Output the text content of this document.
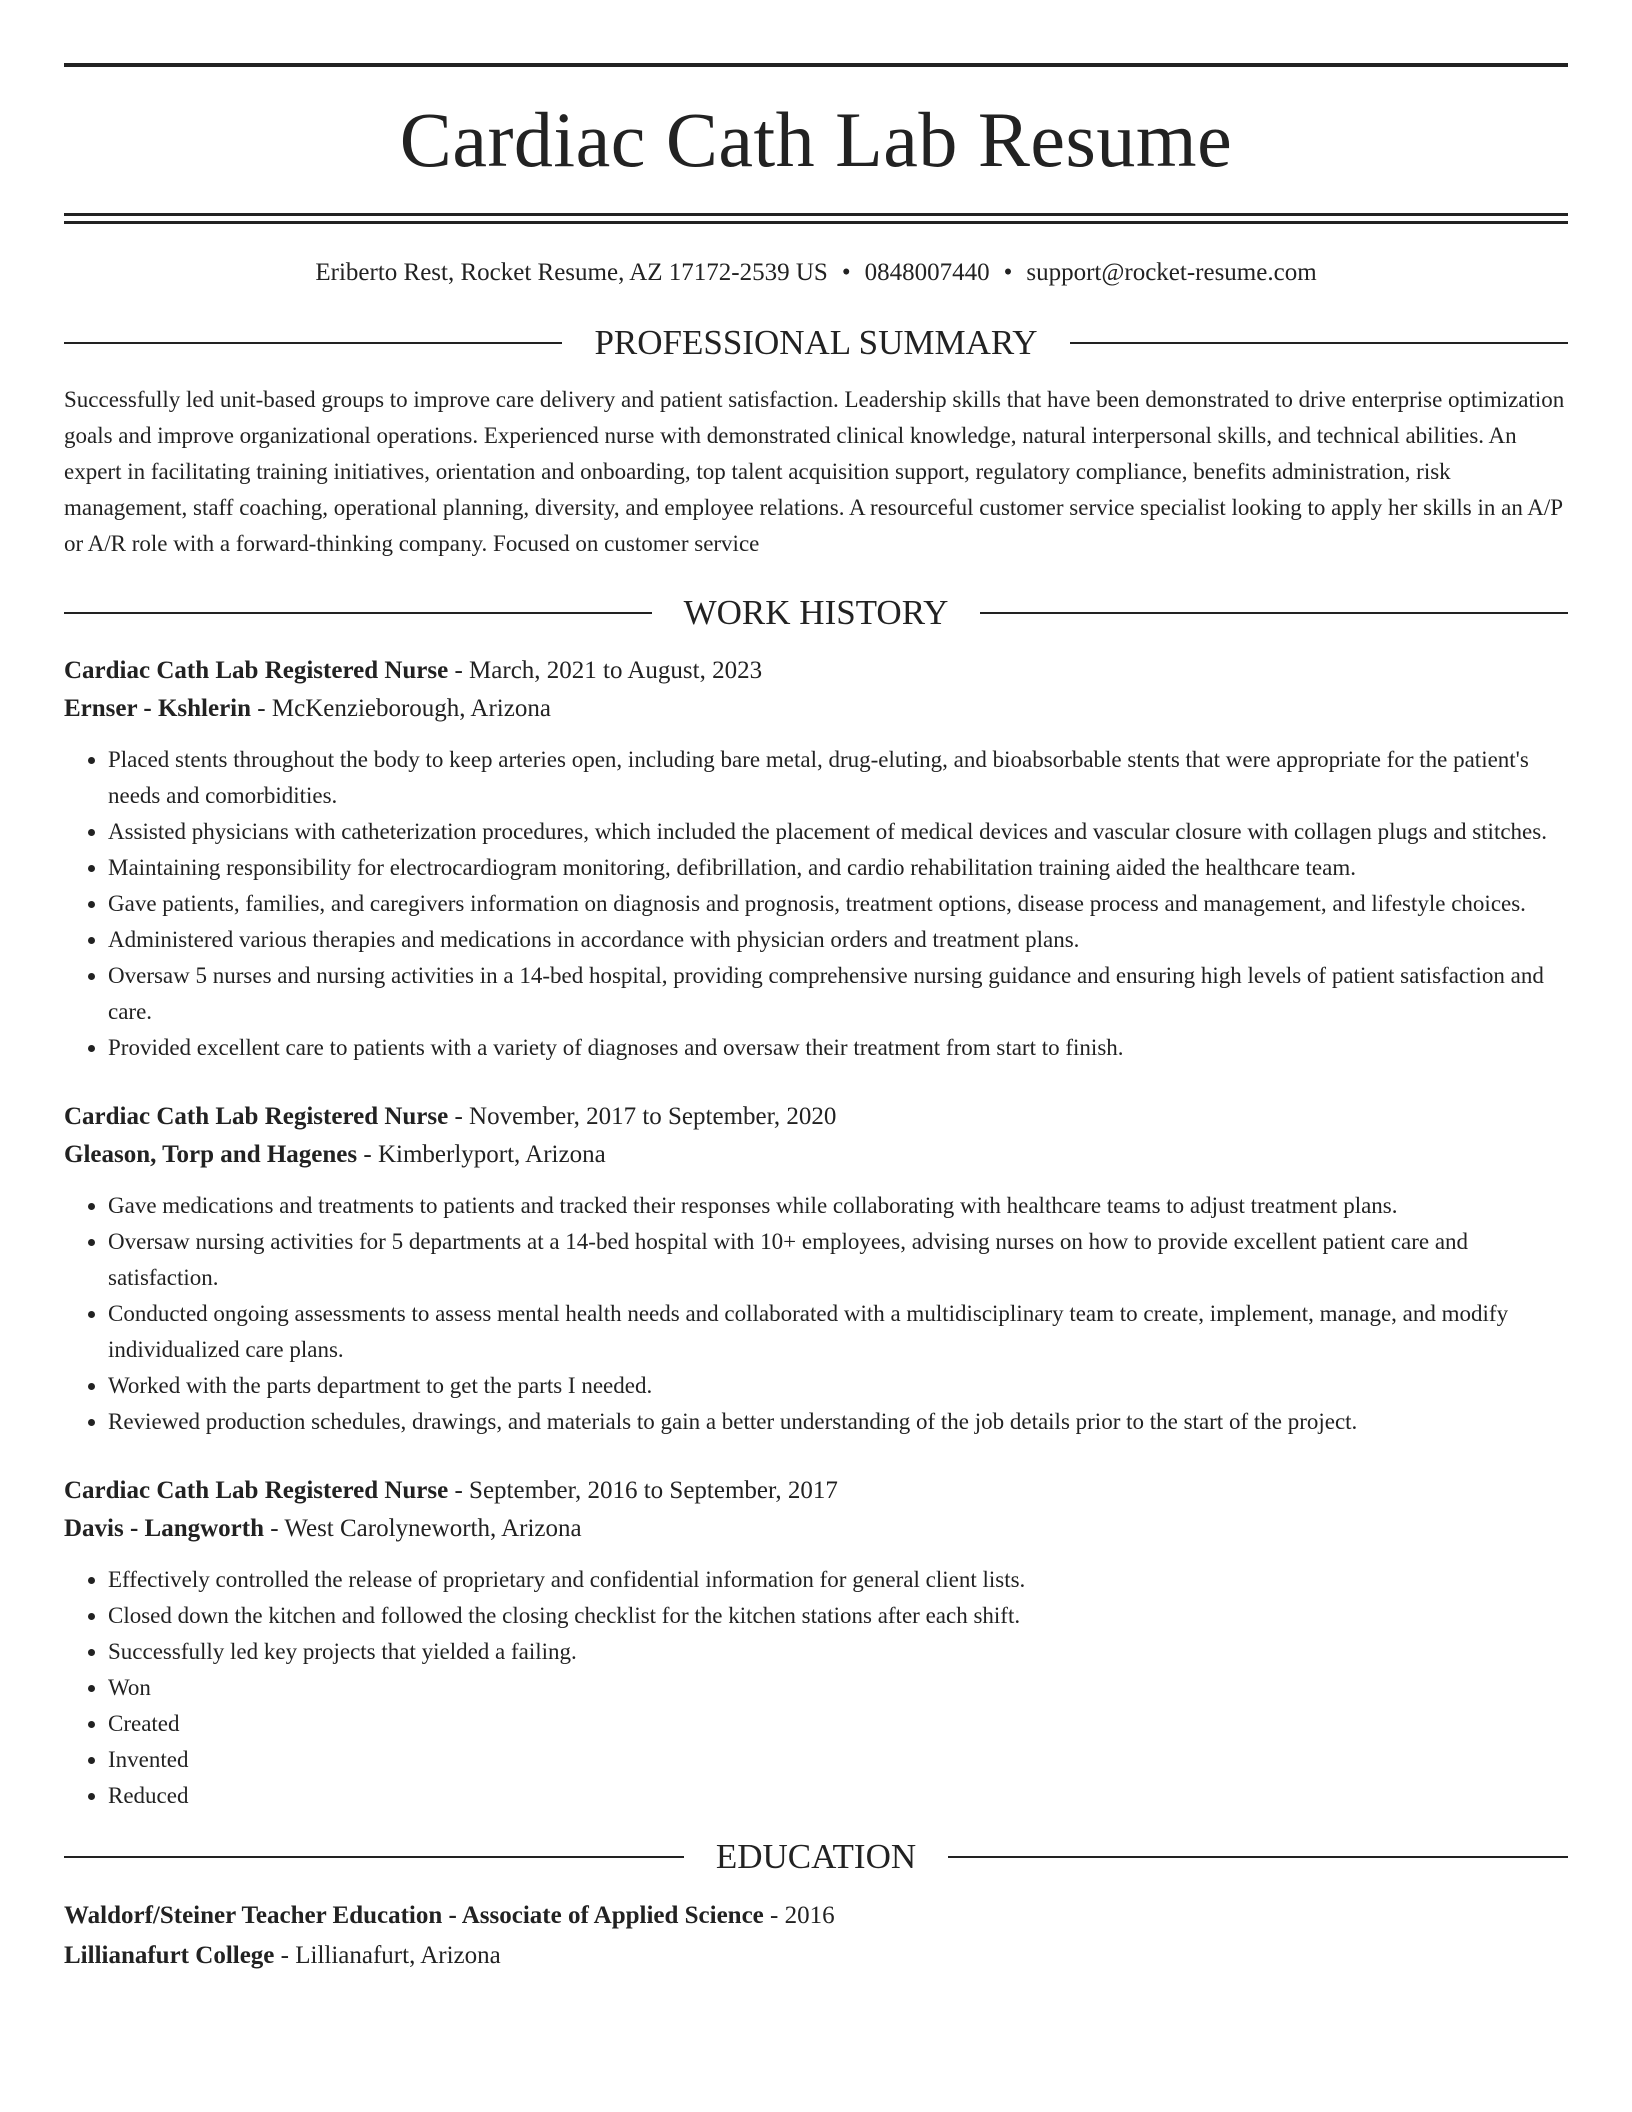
Cardiac Cath Lab Resume
Eriberto Rest, Rocket Resume, AZ 17172-2539 US • 0848007440 • support@rocket-resume.com
PROFESSIONAL SUMMARY

Successfully led unit-based groups to improve care delivery and patient satisfaction. Leadership skills that have been demonstrated to drive enterprise optimization goals and improve organizational operations. Experienced nurse with demonstrated clinical knowledge, natural interpersonal skills, and technical abilities. An expert in facilitating training initiatives, orientation and onboarding, top talent acquisition support, regulatory compliance, benefits administration, risk management, staff coaching, operational planning, diversity, and employee relations. A resourceful customer service specialist looking to apply her skills in an A/P or A/R role with a forward-thinking company. Focused on customer service

WORK HISTORY
Cardiac Cath Lab Registered Nurse - March, 2021 to August, 2023
Ernser - Kshlerin - McKenzieborough, Arizona
• Placed stents throughout the body to keep arteries open, including bare metal, drug-eluting, and bioabsorbable stents that were appropriate for the patient's needs and comorbidities.
• Assisted physicians with catheterization procedures, which included the placement of medical devices and vascular closure with collagen plugs and stitches.
• Maintaining responsibility for electrocardiogram monitoring, defibrillation, and cardio rehabilitation training aided the healthcare team.
• Gave patients, families, and caregivers information on diagnosis and prognosis, treatment options, disease process and management, and lifestyle choices.
• Administered various therapies and medications in accordance with physician orders and treatment plans.
• Oversaw 5 nurses and nursing activities in a 14-bed hospital, providing comprehensive nursing guidance and ensuring high levels of patient satisfaction and care.
• Provided excellent care to patients with a variety of diagnoses and oversaw their treatment from start to finish.
Cardiac Cath Lab Registered Nurse - November, 2017 to September, 2020
Gleason, Torp and Hagenes - Kimberlyport, Arizona
• Gave medications and treatments to patients and tracked their responses while collaborating with healthcare teams to adjust treatment plans.
• Oversaw nursing activities for 5 departments at a 14-bed hospital with 10+ employees, advising nurses on how to provide excellent patient care and satisfaction.
• Conducted ongoing assessments to assess mental health needs and collaborated with a multidisciplinary team to create, implement, manage, and modify individualized care plans.
• Worked with the parts department to get the parts I needed.
• Reviewed production schedules, drawings, and materials to gain a better understanding of the job details prior to the start of the project.
Cardiac Cath Lab Registered Nurse - September, 2016 to September, 2017
Davis - Langworth - West Carolyneworth, Arizona
• Effectively controlled the release of proprietary and confidential information for general client lists.
• Closed down the kitchen and followed the closing checklist for the kitchen stations after each shift.
• Successfully led key projects that yielded a failing.
• Won
• Created
• Invented
• Reduced
EDUCATION
Waldorf/Steiner Teacher Education - Associate of Applied Science - 2016
Lillianafurt College - Lillianafurt, Arizona
